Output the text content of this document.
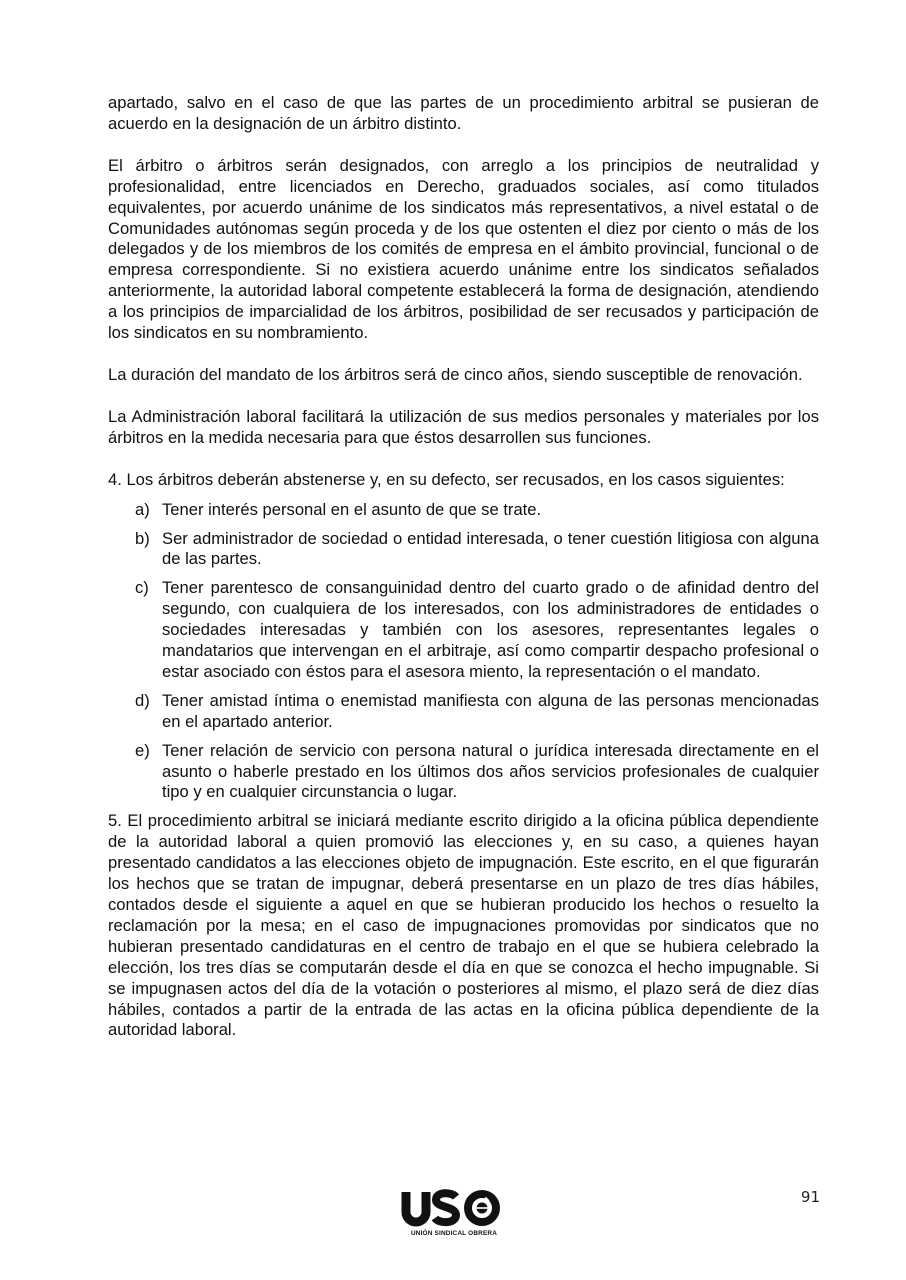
apartado, salvo en el caso de que las partes de un procedimiento arbitral se pusieran de acuerdo en la designación de un árbitro distinto.

El árbitro o árbitros serán designados, con arreglo a los principios de neutralidad y profesionalidad, entre licenciados en Derecho, graduados sociales, así como titulados equivalentes, por acuerdo unánime de los sindicatos más representativos, a nivel estatal o de Comunidades autónomas según proceda y de los que ostenten el diez por ciento o más de los delegados y de los miembros de los comités de empresa en el ámbito provincial, funcional o de empresa correspondiente. Si no existiera acuerdo unánime entre los sindicatos señalados anteriormente, la autoridad laboral competente establecerá la forma de designación, atendiendo a los principios de imparcialidad de los árbitros, posibilidad de ser recusados y participación de los sindicatos en su nombramiento.

La duración del mandato de los árbitros será de cinco años, siendo susceptible de renovación.

La Administración laboral facilitará la utilización de sus medios personales y materiales por los árbitros en la medida necesaria para que éstos desarrollen sus funciones.

4. Los árbitros deberán abstenerse y, en su defecto, ser recusados, en los casos siguientes:

a) Tener interés personal en el asunto de que se trate.
b) Ser administrador de sociedad o entidad interesada, o tener cuestión litigiosa con alguna de las partes.
c) Tener parentesco de consanguinidad dentro del cuarto grado o de afinidad dentro del segundo, con cualquiera de los interesados, con los administradores de entidades o sociedades interesadas y también con los asesores, representantes legales o mandatarios que intervengan en el arbitraje, así como compartir despacho profesional o estar asociado con éstos para el asesora miento, la representación o el mandato.
d) Tener amistad íntima o enemistad manifiesta con alguna de las personas mencionadas en el apartado anterior.
e) Tener relación de servicio con persona natural o jurídica interesada directamente en el asunto o haberle prestado en los últimos dos años servicios profesionales de cualquier tipo y en cualquier circunstancia o lugar.

5. El procedimiento arbitral se iniciará mediante escrito dirigido a la oficina pública dependiente de la autoridad laboral a quien promovió las elecciones y, en su caso, a quienes hayan presentado candidatos a las elecciones objeto de impugnación. Este escrito, en el que figurarán los hechos que se tratan de impugnar, deberá presentarse en un plazo de tres días hábiles, contados desde el siguiente a aquel en que se hubieran producido los hechos o resuelto la reclamación por la mesa; en el caso de impugnaciones promovidas por sindicatos que no hubieran presentado candidaturas en el centro de trabajo en el que se hubiera celebrado la elección, los tres días se computarán desde el día en que se conozca el hecho impugnable. Si se impugnasen actos del día de la votación o posteriores al mismo, el plazo será de diez días hábiles, contados a partir de la entrada de las actas en la oficina pública dependiente de la autoridad laboral.

UNIÓN SINDICAL OBRERA
91
